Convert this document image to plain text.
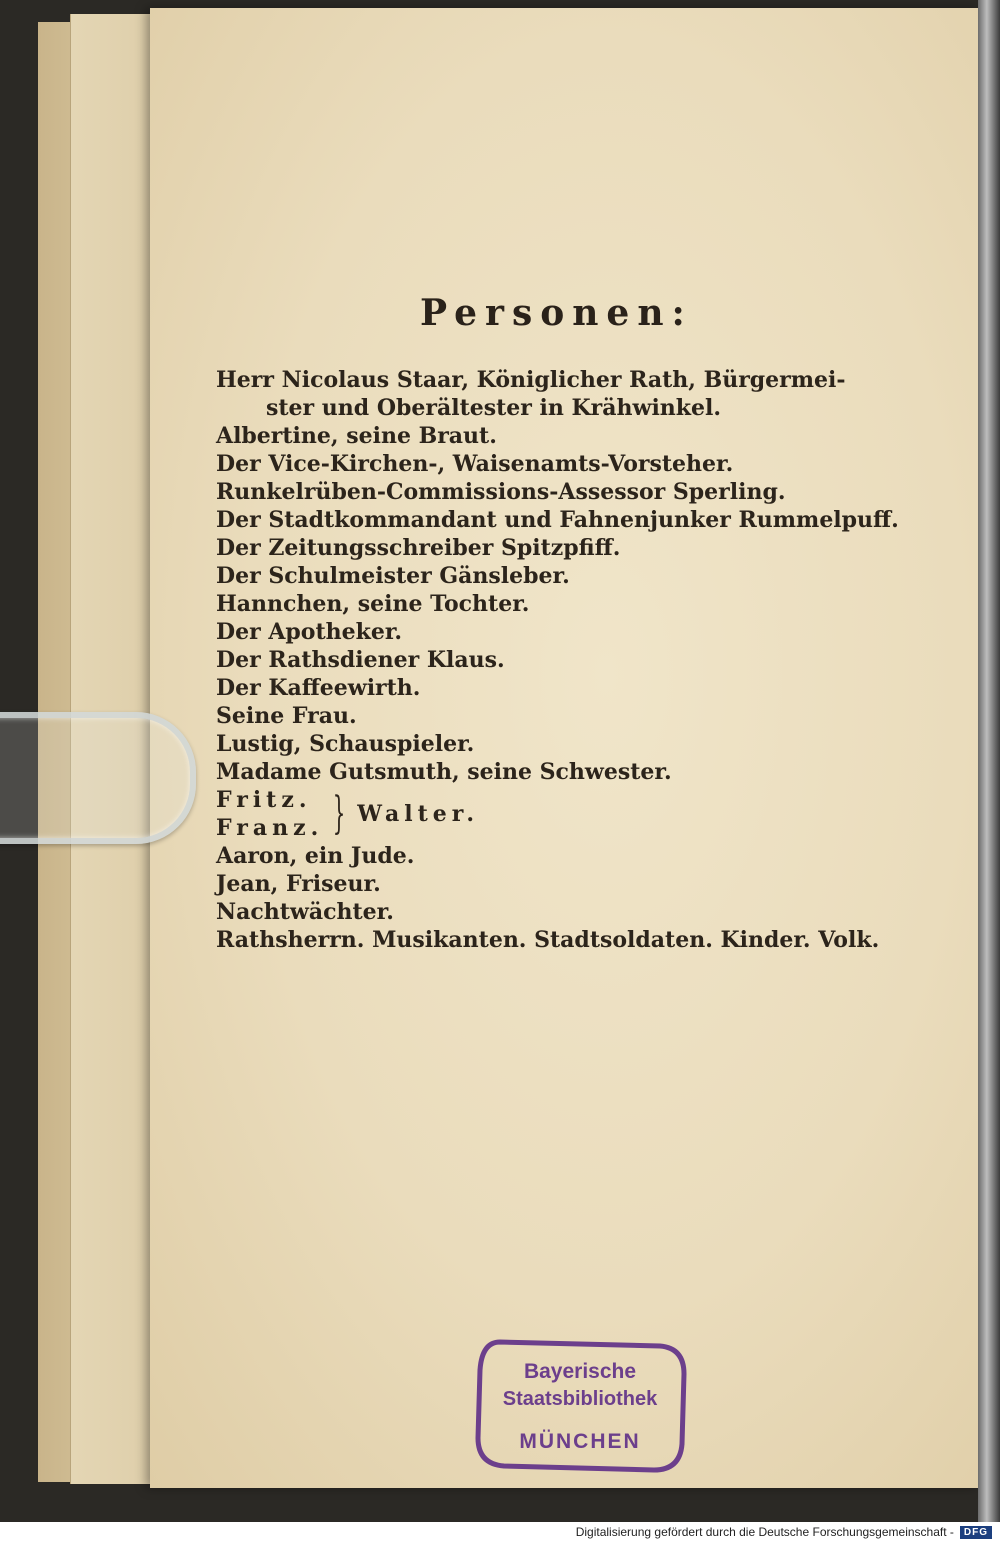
Personen:
Herr Nicolaus Staar, Königlicher Rath, Bürgermei-
ster und Oberältester in Krähwinkel.
Albertine, seine Braut.
Der Vice-Kirchen-, Waisenamts-Vorsteher.
Runkelrüben-Commissions-Assessor Sperling.
Der Stadtkommandant und Fahnenjunker Rummelpuff.
Der Zeitungsschreiber Spitzpfiff.
Der Schulmeister Gänsleber.
Hannchen, seine Tochter.
Der Apotheker.
Der Rathsdiener Klaus.
Der Kaffeewirth.
Seine Frau.
Lustig, Schauspieler.
Madame Gutsmuth, seine Schwester.
Fritz.
Franz. } Walter.
Aaron, ein Jude.
Jean, Friseur.
Nachtwächter.
Rathsherrn. Musikanten. Stadtsoldaten. Kinder. Volk.
Bayerische
Staatsbibliothek
MÜNCHEN
Digitalisierung gefördert durch die Deutsche Forschungsgemeinschaft -	DFG
